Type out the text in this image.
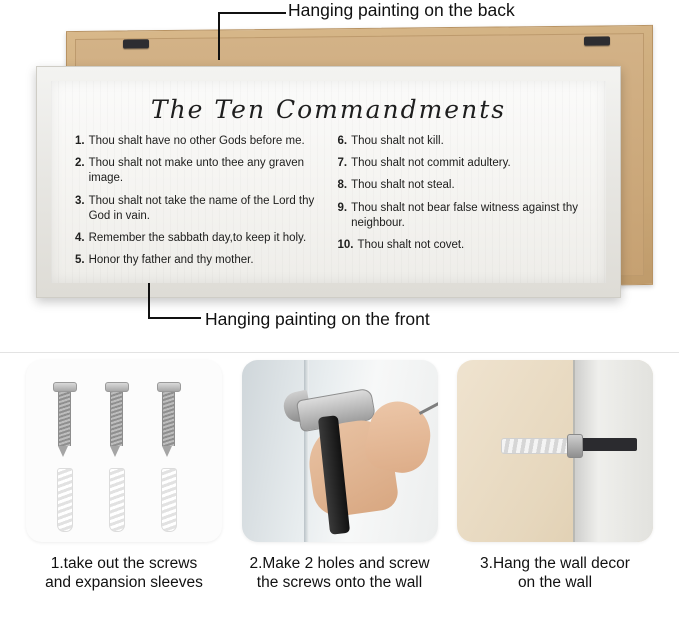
Hanging painting on the back
The Ten Commandments
1. Thou shalt have no other Gods before me.
2. Thou shalt not make unto thee any graven image.
3. Thou shalt not take the name of the Lord thy God in vain.
4. Remember the sabbath day,to keep it holy.
5. Honor thy father and thy mother.
6. Thou shalt not kill.
7. Thou shalt not commit adultery.
8. Thou shalt not steal.
9. Thou shalt not bear false witness against thy neighbour.
10. Thou shalt not covet.
Hanging painting on the front
1.take out the screws
and expansion sleeves
2.Make 2 holes and screw
the screws onto the wall
3.Hang the wall decor
on the wall
